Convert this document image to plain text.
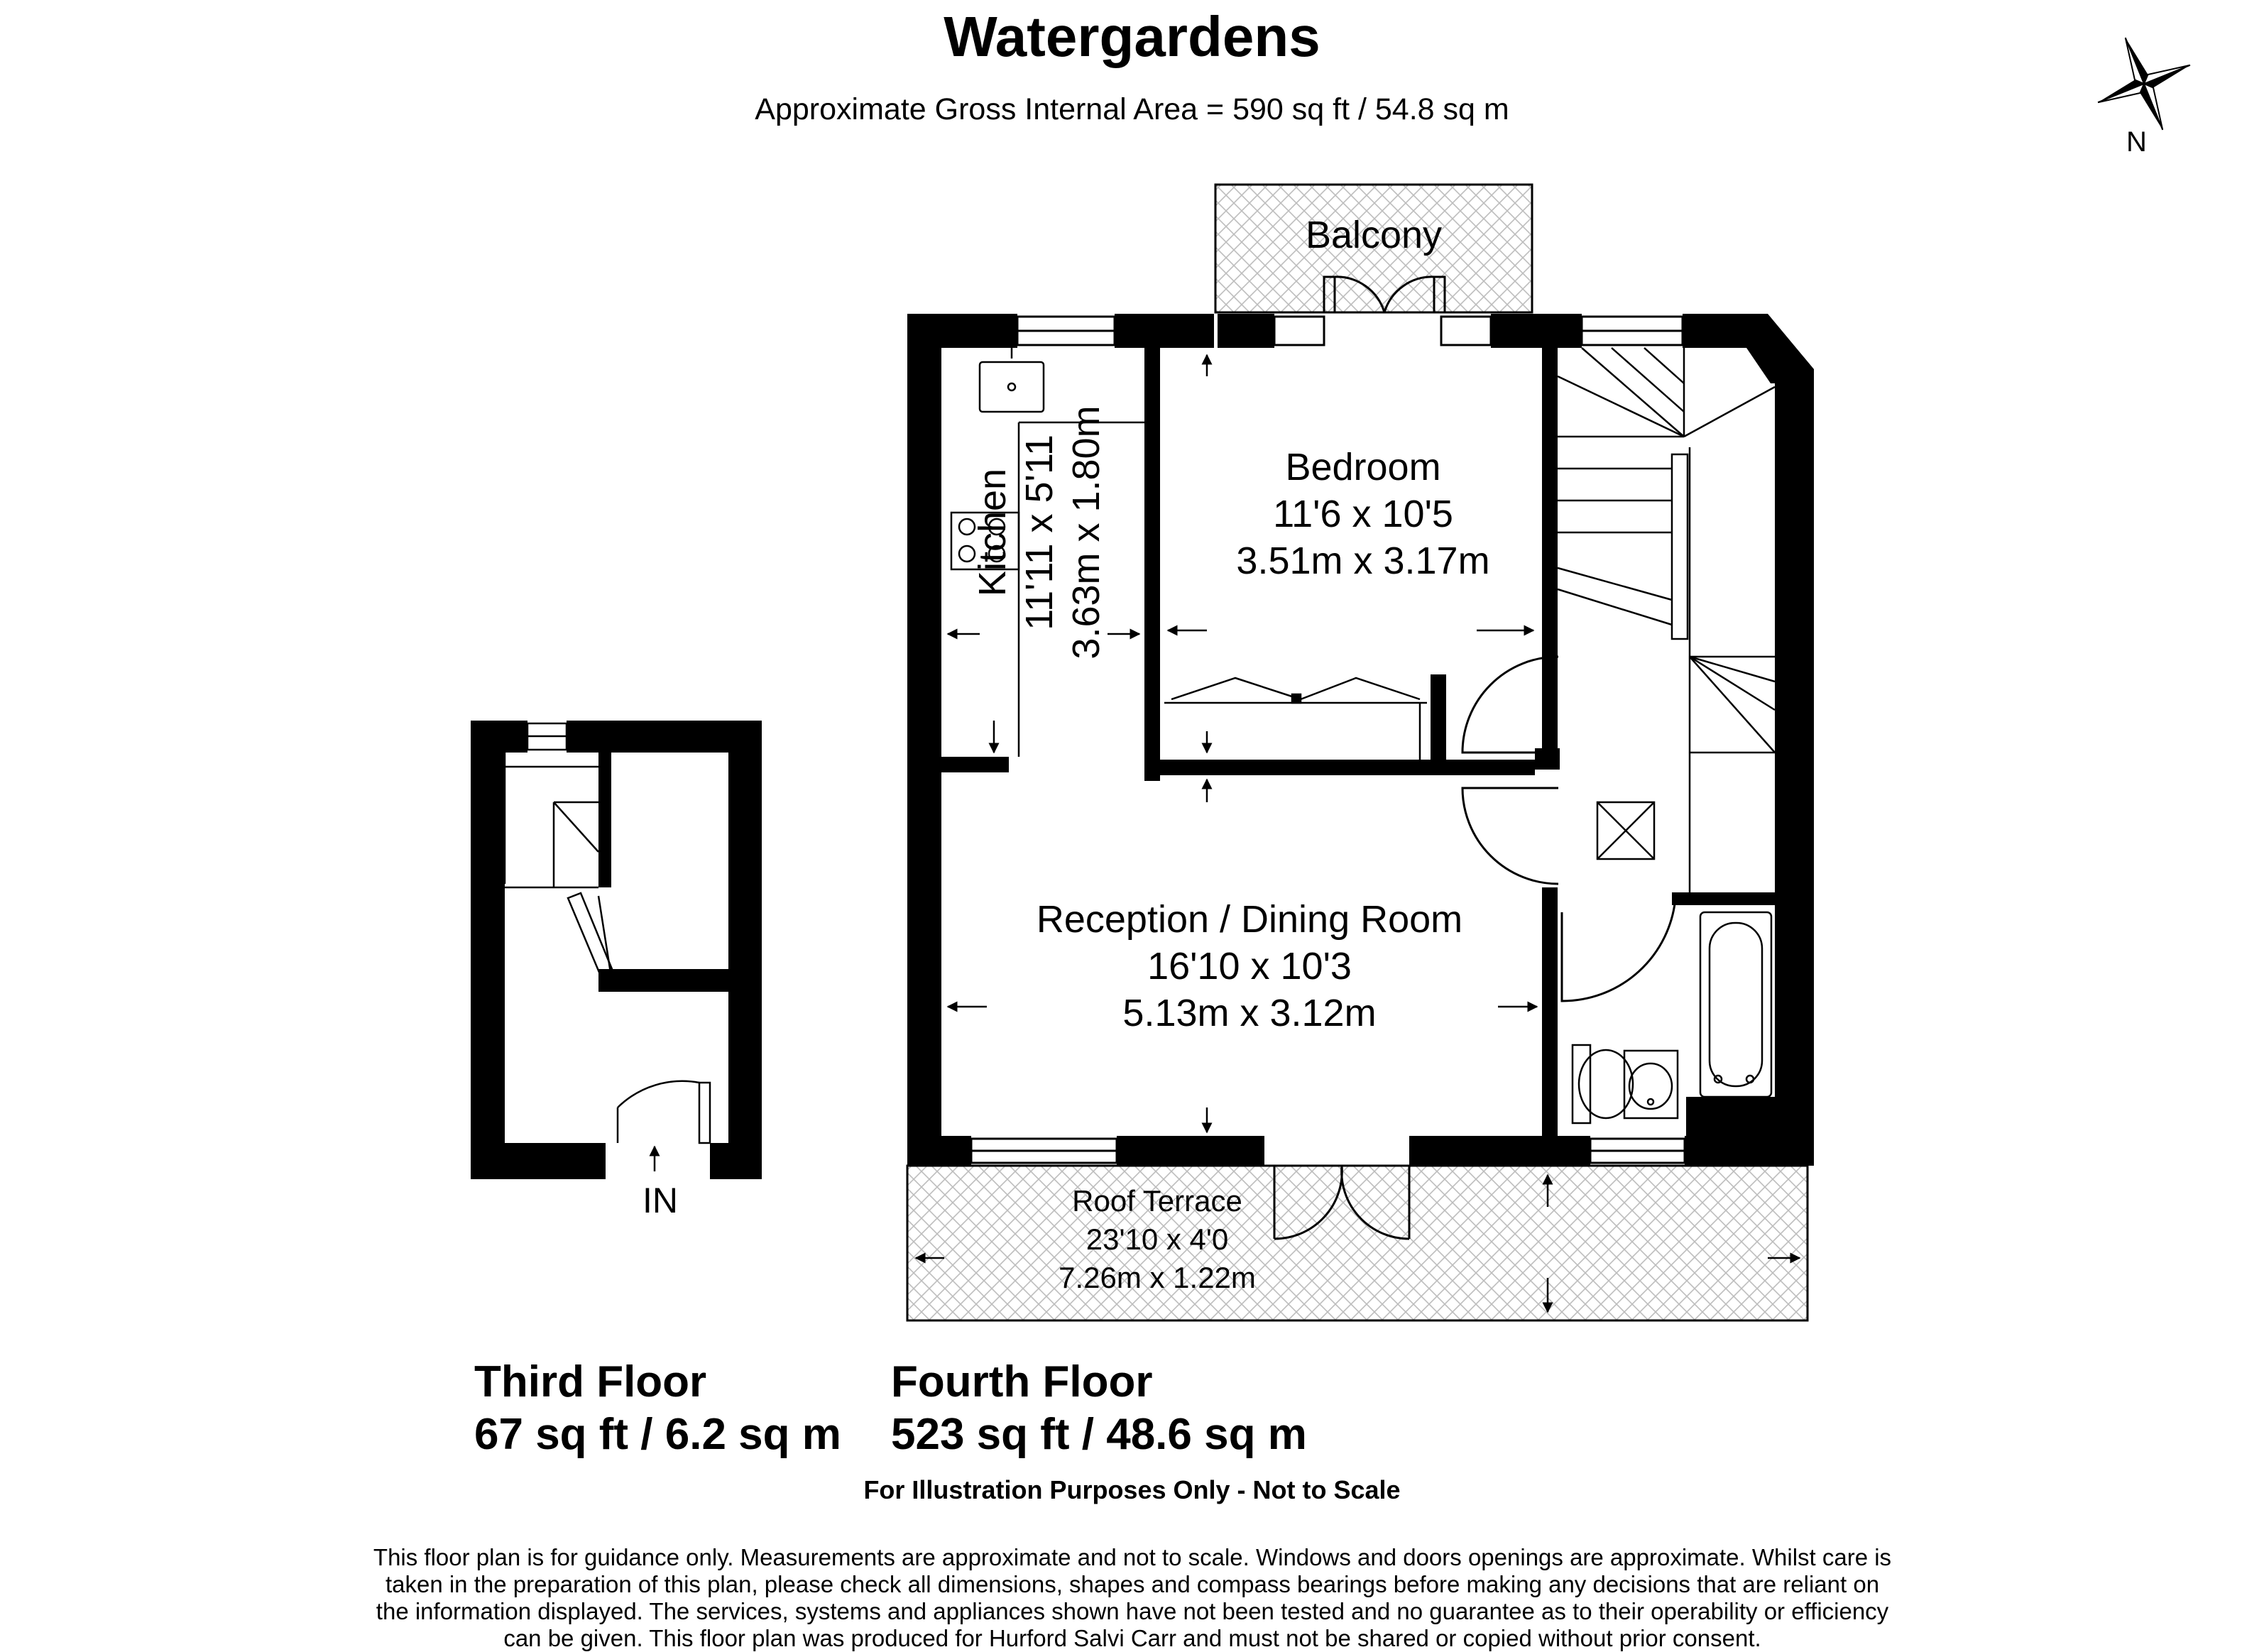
Watergardens
Approximate Gross Internal Area = 590 sq ft / 54.8 sq m
N
Balcony
Bedroom
11'6 x 10'5
3.51m x 3.17m
Kitchen 11'11 x 5'11 3.63m x 1.80m
Reception / Dining Room
16'10 x 10'3
5.13m x 3.12m
Roof Terrace
23'10 x 4'0
7.26m x 1.22m
IN
Third Floor
67 sq ft / 6.2 sq m
Fourth Floor
523 sq ft / 48.6 sq m
For Illustration Purposes Only - Not to Scale
This floor plan is for guidance only. Measurements are approximate and not to scale. Windows and doors openings are approximate. Whilst care is taken in the preparation of this plan, please check all dimensions, shapes and compass bearings before making any decisions that are reliant on the information displayed. The services, systems and appliances shown have not been tested and no guarantee as to their operability or efficiency can be given. This floor plan was produced for Hurford Salvi Carr and must not be shared or copied without prior consent.
